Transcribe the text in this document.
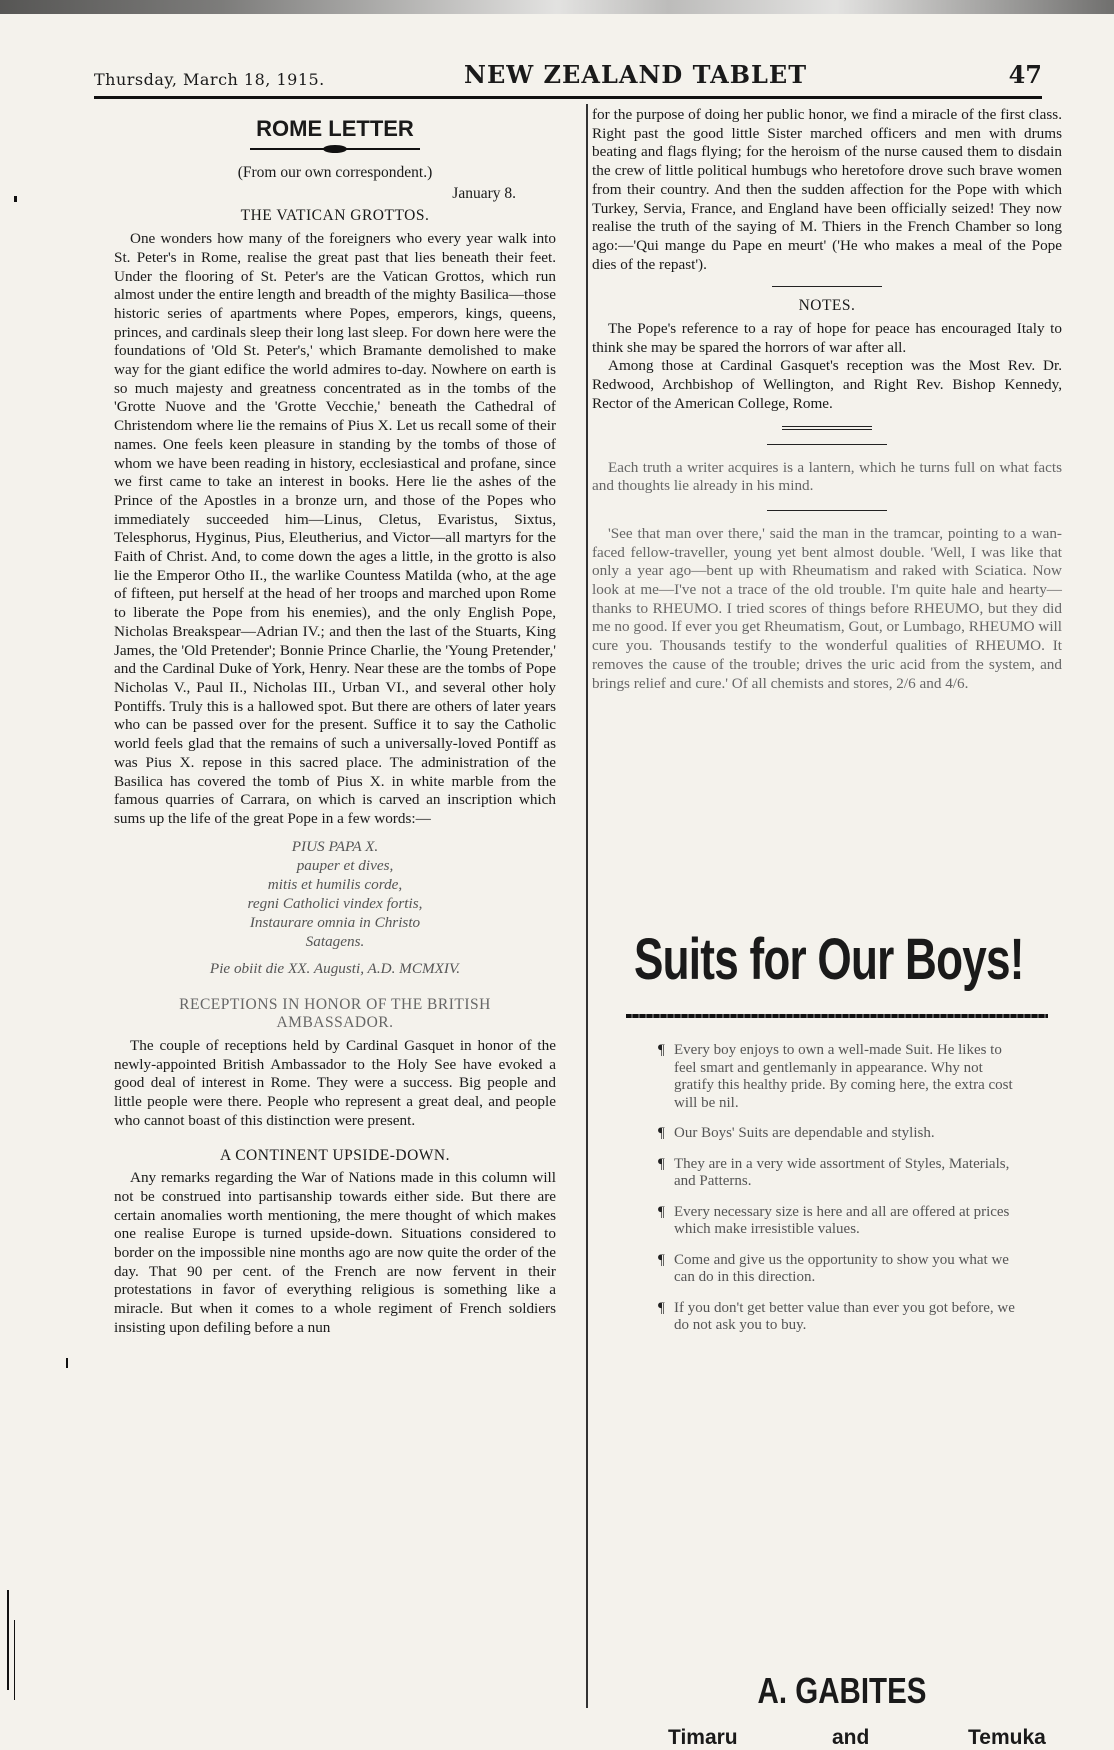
Thursday, March 18, 1915.	NEW ZEALAND TABLET	47
ROME LETTER
(From our own correspondent.)
January 8.
THE VATICAN GROTTOS.

One wonders how many of the foreigners who every year walk into St. Peter's in Rome, realise the great past that lies beneath their feet. Under the flooring of St. Peter's are the Vatican Grottos, which run almost under the entire length and breadth of the mighty Basilica—those historic series of apartments where Popes, emperors, kings, queens, princes, and cardinals sleep their long last sleep. For down here were the foundations of 'Old St. Peter's,' which Bramante demolished to make way for the giant edifice the world admires to-day. Nowhere on earth is so much majesty and greatness concentrated as in the tombs of the 'Grotte Nuove and the 'Grotte Vecchie,' beneath the Cathedral of Christendom where lie the remains of Pius X. Let us recall some of their names. One feels keen pleasure in standing by the tombs of those of whom we have been reading in history, ecclesiastical and profane, since we first came to take an interest in books. Here lie the ashes of the Prince of the Apostles in a bronze urn, and those of the Popes who immediately succeeded him—Linus, Cletus, Evaristus, Sixtus, Telesphorus, Hyginus, Pius, Eleutherius, and Victor—all martyrs for the Faith of Christ. And, to come down the ages a little, in the grotto is also lie the Emperor Otho II., the warlike Countess Matilda (who, at the age of fifteen, put herself at the head of her troops and marched upon Rome to liberate the Pope from his enemies), and the only English Pope, Nicholas Breakspear—Adrian IV.; and then the last of the Stuarts, King James, the 'Old Pretender'; Bonnie Prince Charlie, the 'Young Pretender,' and the Cardinal Duke of York, Henry. Near these are the tombs of Pope Nicholas V., Paul II., Nicholas III., Urban VI., and several other holy Pontiffs. Truly this is a hallowed spot. But there are others of later years who can be passed over for the present. Suffice it to say the Catholic world feels glad that the remains of such a universally-loved Pontiff as was Pius X. repose in this sacred place. The administration of the Basilica has covered the tomb of Pius X. in white marble from the famous quarries of Carrara, on which is carved an inscription which sums up the life of the great Pope in a few words:—

PIUS PAPA X.
pauper et dives,
mitis et humilis corde,
regni Catholici vindex fortis,
Instaurare omnia in Christo
Satagens.
Pie obiit die XX. Augusti, A.D. MCMXIV.
RECEPTIONS IN HONOR OF THE BRITISH AMBASSADOR.

The couple of receptions held by Cardinal Gasquet in honor of the newly-appointed British Ambassador to the Holy See have evoked a good deal of interest in Rome. They were a success. Big people and little people were there. People who represent a great deal, and people who cannot boast of this distinction were present.

A CONTINENT UPSIDE-DOWN.

Any remarks regarding the War of Nations made in this column will not be construed into partisanship towards either side. But there are certain anomalies worth mentioning, the mere thought of which makes one realise Europe is turned upside-down. Situations considered to border on the impossible nine months ago are now quite the order of the day. That 90 per cent. of the French are now fervent in their protestations in favor of everything religious is something like a miracle. But when it comes to a whole regiment of French soldiers insisting upon defiling before a nun

for the purpose of doing her public honor, we find a miracle of the first class. Right past the good little Sister marched officers and men with drums beating and flags flying; for the heroism of the nurse caused them to disdain the crew of little political humbugs who heretofore drove such brave women from their country. And then the sudden affection for the Pope with which Turkey, Servia, France, and England have been officially seized! They now realise the truth of the saying of M. Thiers in the French Chamber so long ago:—'Qui mange du Pape en meurt' ('He who makes a meal of the Pope dies of the repast').

NOTES.

The Pope's reference to a ray of hope for peace has encouraged Italy to think she may be spared the horrors of war after all.

Among those at Cardinal Gasquet's reception was the Most Rev. Dr. Redwood, Archbishop of Wellington, and Right Rev. Bishop Kennedy, Rector of the American College, Rome.

Each truth a writer acquires is a lantern, which he turns full on what facts and thoughts lie already in his mind.

'See that man over there,' said the man in the tramcar, pointing to a wan-faced fellow-traveller, young yet bent almost double. 'Well, I was like that only a year ago—bent up with Rheumatism and raked with Sciatica. Now look at me—I've not a trace of the old trouble. I'm quite hale and hearty—thanks to RHEUMO. I tried scores of things before RHEUMO, but they did me no good. If ever you get Rheumatism, Gout, or Lumbago, RHEUMO will cure you. Thousands testify to the wonderful qualities of RHEUMO. It removes the cause of the trouble; drives the uric acid from the system, and brings relief and cure.' Of all chemists and stores, 2/6 and 4/6.

Suits for Our Boys!
¶ Every boy enjoys to own a well-made Suit. He likes to feel smart and gentlemanly in appearance. Why not gratify this healthy pride. By coming here, the extra cost will be nil.
¶ Our Boys' Suits are dependable and stylish.
¶ They are in a very wide assortment of Styles, Materials, and Patterns.
¶ Every necessary size is here and all are offered at prices which make irresistible values.
¶ Come and give us the opportunity to show you what we can do in this direction.
¶ If you don't get better value than ever you got before, we do not ask you to buy.
A. GABITES
Timaru	and	Temuka
